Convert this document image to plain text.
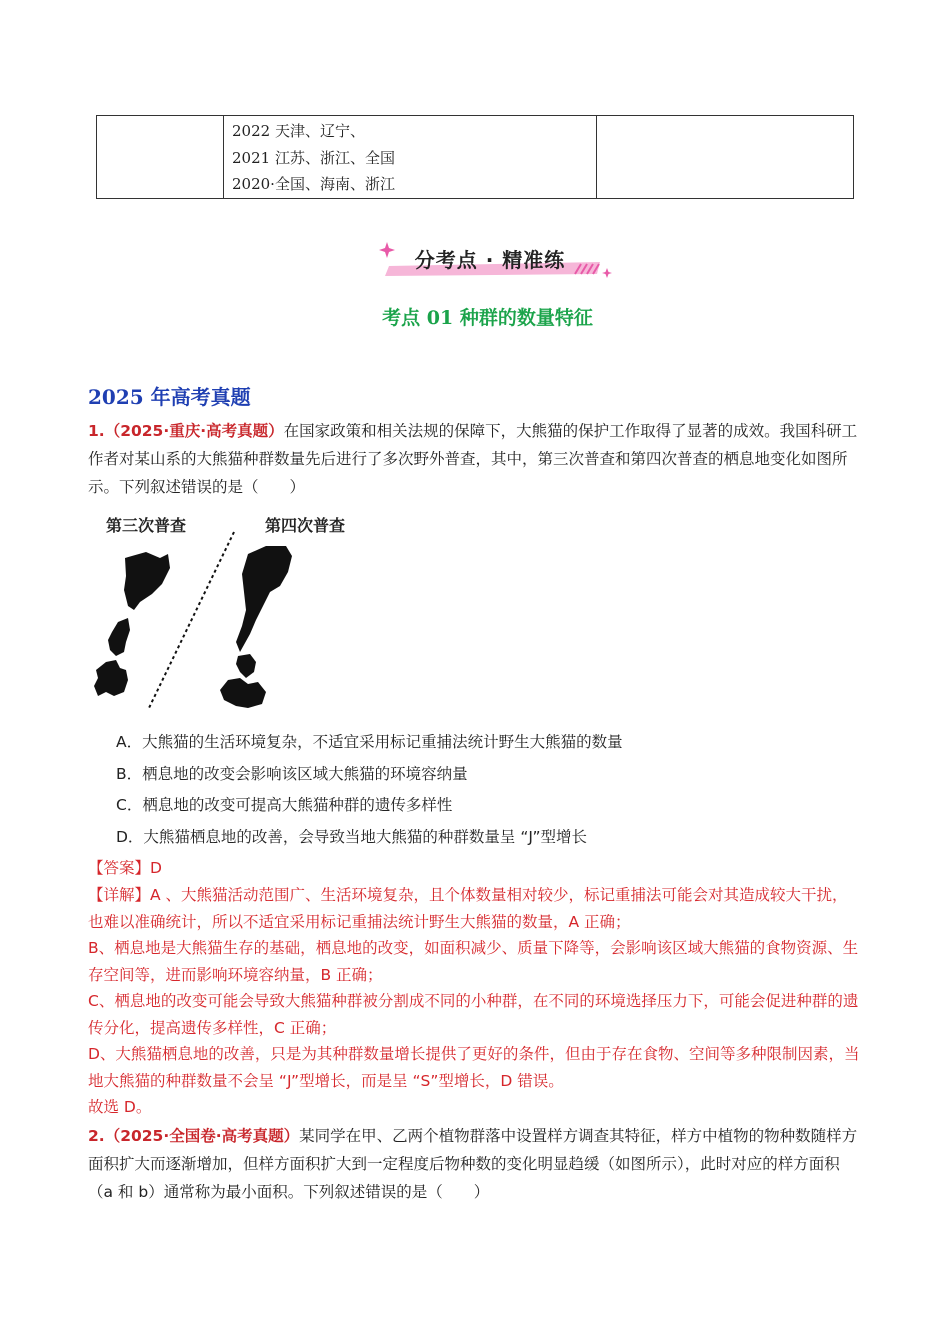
2022 天津、辽宁、
2021 江苏、浙江、全国
2020·全国、海南、浙江

分考点 · 精准练
考点 01 种群的数量特征
2025 年高考真题
1.（2025·重庆·高考真题）在国家政策和相关法规的保障下，大熊猫的保护工作取得了显著的成效。我国科研工作者对某山系的大熊猫种群数量先后进行了多次野外普查，其中，第三次普查和第四次普查的栖息地变化如图所示。下列叙述错误的是（　　）
第三次普查	第四次普查
A．大熊猫的生活环境复杂，不适宜采用标记重捕法统计野生大熊猫的数量
B．栖息地的改变会影响该区域大熊猫的环境容纳量
C．栖息地的改变可提高大熊猫种群的遗传多样性
D．大熊猫栖息地的改善，会导致当地大熊猫的种群数量呈 “J”型增长
【答案】D
【详解】A 、大熊猫活动范围广、生活环境复杂，且个体数量相对较少，标记重捕法可能会对其造成较大干扰，也难以准确统计，所以不适宜采用标记重捕法统计野生大熊猫的数量，A 正确；
B、栖息地是大熊猫生存的基础，栖息地的改变，如面积减少、质量下降等，会影响该区域大熊猫的食物资源、生存空间等，进而影响环境容纳量，B 正确；
C、栖息地的改变可能会导致大熊猫种群被分割成不同的小种群，在不同的环境选择压力下，可能会促进种群的遗传分化，提高遗传多样性，C 正确；
D、大熊猫栖息地的改善，只是为其种群数量增长提供了更好的条件，但由于存在食物、空间等多种限制因素，当地大熊猫的种群数量不会呈 “J”型增长，而是呈 “S”型增长，D 错误。
故选 D。
2.（2025·全国卷·高考真题）某同学在甲、乙两个植物群落中设置样方调查其特征，样方中植物的物种数随样方面积扩大而逐渐增加，但样方面积扩大到一定程度后物种数的变化明显趋缓（如图所示），此时对应的样方面积（a 和 b）通常称为最小面积。下列叙述错误的是（　　）
